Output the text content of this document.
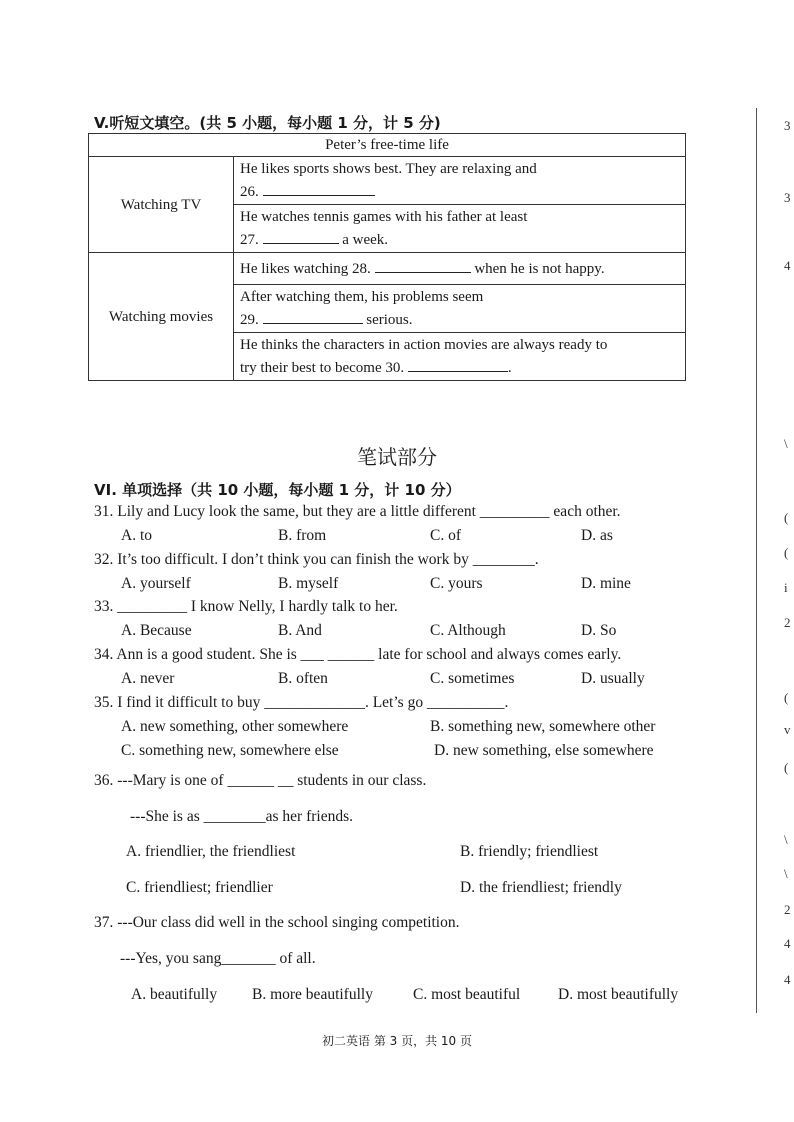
V.听短文填空。(共 5 小题，每小题 1 分，计 5 分)
Peter’s free-time life	
Watching TV	He likes sports shows best. They are relaxing and
26.
	He watches tennis games with his father at least
27. a week.
Watching movies	He likes watching 28. when he is not happy.
	After watching them, his problems seem
29. serious.
	He thinks the characters in action movies are always ready to
try their best to become 30. .
笔试部分
VI. 单项选择（共 10 小题，每小题 1 分，计 10 分）
31. Lily and Lucy look the same, but they are a little different _________ each other.
A. to	B. from	C. of	D. as
32. It’s too difficult. I don’t think you can finish the work by ________.
A. yourself	B. myself	C. yours	D. mine
33. _________ I know Nelly, I hardly talk to her.
A. Because	B. And	C. Although	D. So
34. Ann is a good student. She is ___ ______ late for school and always comes early.
A. never	B. often	C. sometimes	D. usually
35. I find it difficult to buy _____________. Let’s go __________.
A. new something, other somewhere	B. something new, somewhere other
C. something new, somewhere else	D. new something, else somewhere
36. ---Mary is one of ______ __ students in our class.
---She is as ________as her friends.
A. friendlier, the friendliest	B. friendly; friendliest
C. friendliest; friendlier	D. the friendliest; friendly
37. ---Our class did well in the school singing competition.
---Yes, you sang_______ of all.
A. beautifully B. more beautifully	C. most beautiful D. most beautifully
初二英语 第 3 页，共 10 页
3
3
4
\
(
(
i
2
(
v
(
\
\
2
4
4
